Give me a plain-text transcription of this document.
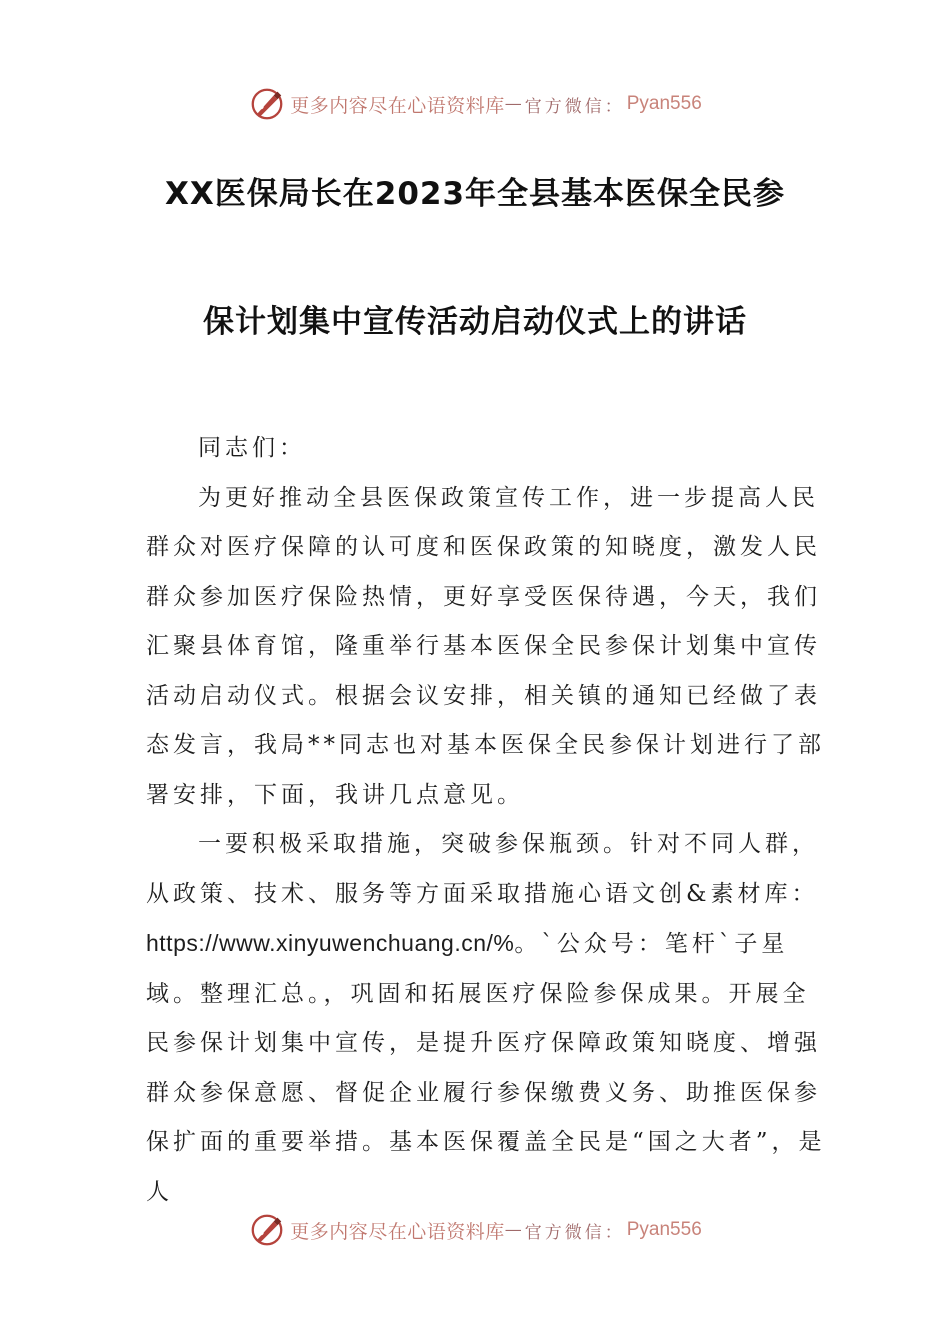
更多内容尽在心语资料库 — 官方微信： Pyan556
XX医保局长在2023年全县基本医保全民参
保计划集中宣传活动启动仪式上的讲话

同志们：

为更好推动全县医保政策宣传工作，进一步提高人民群众对医疗保障的认可度和医保政策的知晓度，激发人民群众参加医疗保险热情，更好享受医保待遇，今天，我们汇聚县体育馆，隆重举行基本医保全民参保计划集中宣传活动启动仪式。根据会议安排，相关镇的通知已经做了表态发言，我局**同志也对基本医保全民参保计划进行了部署安排，下面，我讲几点意见。

一要积极采取措施，突破参保瓶颈。针对不同人群，从政策、技术、服务等方面采取措施心语文创&素材库：https://www.xinyuwenchuang.cn/%。`公众号：笔杆`子星域。整理汇总。，巩固和拓展医疗保险参保成果。开展全民参保计划集中宣传，是提升医疗保障政策知晓度、增强群众参保意愿、督促企业履行参保缴费义务、助推医保参保扩面的重要举措。基本医保覆盖全民是“国之大者”，是人

更多内容尽在心语资料库 — 官方微信： Pyan556
